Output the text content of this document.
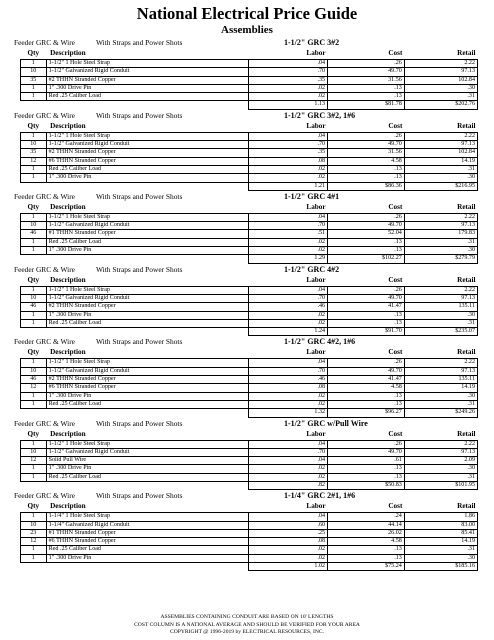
National Electrical Price Guide
Assemblies
Feeder GRC & Wire	With Straps and Power Shots	1-1/2" GRC 3#2
Qty	Description	Labor	Cost	Retail
1	1-1/2" 1 Hole Steel Strap	.04	.26	2.22
10	1-1/2" Galvanized Rigid Conduit	.70	49.70	97.13
35	#2 THHN Stranded Copper	.35	31.56	102.84
1	1" .300 Drive Pin	.02	.13	.30
1	Red .25 Caliber Load	.02	.13	.31
		1.13	$81.78	$202.76
Feeder GRC & Wire	With Straps and Power Shots	1-1/2" GRC 3#2, 1#6
Qty	Description	Labor	Cost	Retail
1	1-1/2" 1 Hole Steel Strap	.04	.26	2.22
10	1-1/2" Galvanized Rigid Conduit	.70	49.70	97.13
35	#2 THHN Stranded Copper	.35	31.56	102.84
12	#6 THHN Stranded Copper	.08	4.58	14.19
1	Red .25 Caliber Load	.02	.13	.31
1	1" .300 Drive Pin	.02	.13	.30
		1.21	$86.36	$216.95
Feeder GRC & Wire	With Straps and Power Shots	1-1/2" GRC 4#1
Qty	Description	Labor	Cost	Retail
1	1-1/2" 1 Hole Steel Strap	.04	.26	2.22
10	1-1/2" Galvanized Rigid Conduit	.70	49.70	97.13
46	#1 THHN Stranded Copper	.51	52.04	179.83
1	Red .25 Caliber Load	.02	.13	.31
1	1" .300 Drive Pin	.02	.13	.30
		1.29	$102.27	$279.79
Feeder GRC & Wire	With Straps and Power Shots	1-1/2" GRC 4#2
Qty	Description	Labor	Cost	Retail
1	1-1/2" 1 Hole Steel Strap	.04	.26	2.22
10	1-1/2" Galvanized Rigid Conduit	.70	49.70	97.13
46	#2 THHN Stranded Copper	.46	41.47	135.11
1	1" .300 Drive Pin	.02	.13	.30
1	Red .25 Caliber Load	.02	.13	.31
		1.24	$91.70	$235.07
Feeder GRC & Wire	With Straps and Power Shots	1-1/2" GRC 4#2, 1#6
Qty	Description	Labor	Cost	Retail
1	1-1/2" 1 Hole Steel Strap	.04	.26	2.22
10	1-1/2" Galvanized Rigid Conduit	.70	49.70	97.13
46	#2 THHN Stranded Copper	.46	41.47	135.11
12	#6 THHN Stranded Copper	.08	4.58	14.19
1	1" .300 Drive Pin	.02	.13	.30
1	Red .25 Caliber Load	.02	.13	.31
		1.32	$96.27	$249.26
Feeder GRC & Wire	With Straps and Power Shots	1-1/2" GRC w/Pull Wire
Qty	Description	Labor	Cost	Retail
1	1-1/2" 1 Hole Steel Strap	.04	.26	2.22
10	1-1/2" Galvanized Rigid Conduit	.70	49.70	97.13
12	Solid Pull Wire	.04	.61	2.09
1	1" .300 Drive Pin	.02	.13	.30
1	Red .25 Caliber Load	.02	.13	.31
		.82	$50.83	$101.95
Feeder GRC & Wire	With Straps and Power Shots	1-1/4" GRC 2#1, 1#6
Qty	Description	Labor	Cost	Retail
1	1-1/4" 1 Hole Steel Strap	.04	.24	1.86
10	1-1/4" Galvanized Rigid Conduit	.60	44.14	83.00
23	#1 THHN Stranded Copper	.25	26.02	85.41
12	#6 THHN Stranded Copper	.08	4.58	14.19
1	Red .25 Caliber Load	.02	.13	.31
1	1" .300 Drive Pin	.02	.13	.30
		1.02	$75.24	$185.16
ASSEMBLIES CONTAINING CONDUIT ARE BASED ON 10' LENGTHS
COST COLUMN IS A NATIONAL AVERAGE AND SHOULD BE VERIFIED FOR YOUR AREA
COPYRIGHT @ 1996-2019 by ELECTRICAL RESOURCES, INC.
